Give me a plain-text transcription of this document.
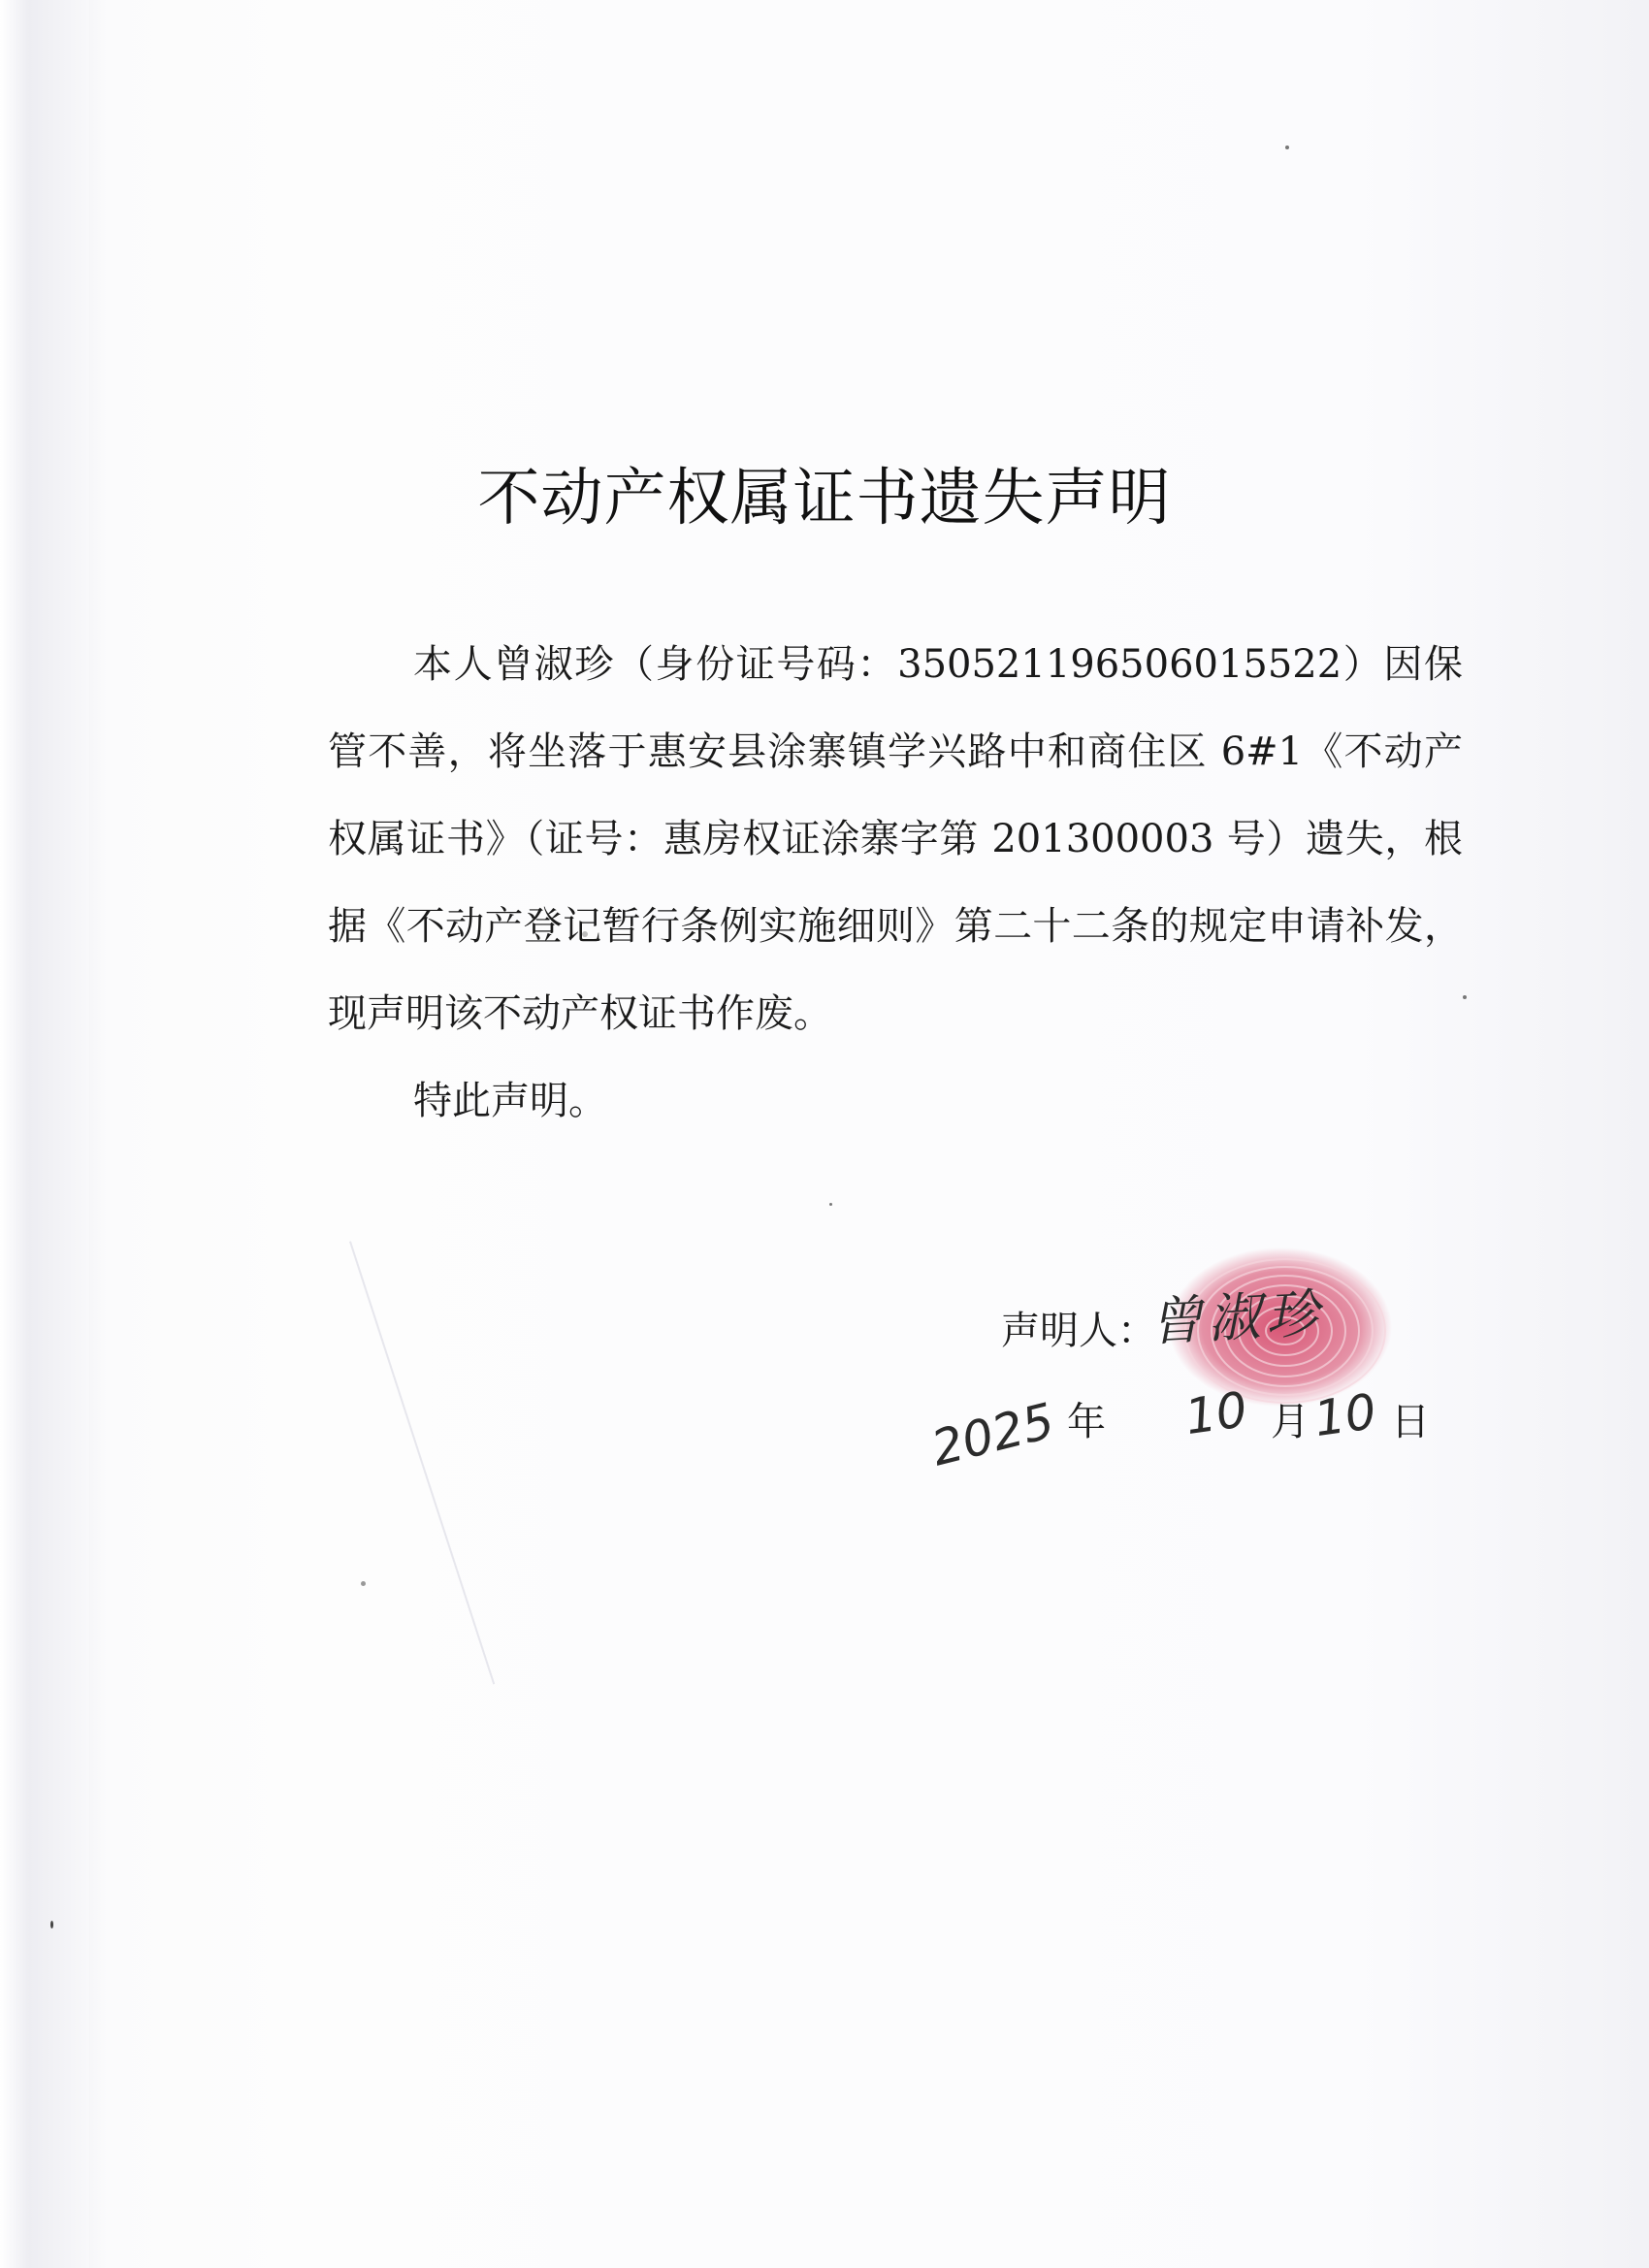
不动产权属证书遗失声明

本人曾淑珍（身份证号码：350521196506015522）因保管不善，将坐落于惠安县涂寨镇学兴路中和商住区 6#1《不动产权属证书》（证号：惠房权证涂寨字第 201300003 号）遗失，根据《不动产登记暂行条例实施细则》第二十二条的规定申请补发，现声明该不动产权证书作废。

特此声明。

声明人：
曾淑珍
2025 年 10 月 10 日
